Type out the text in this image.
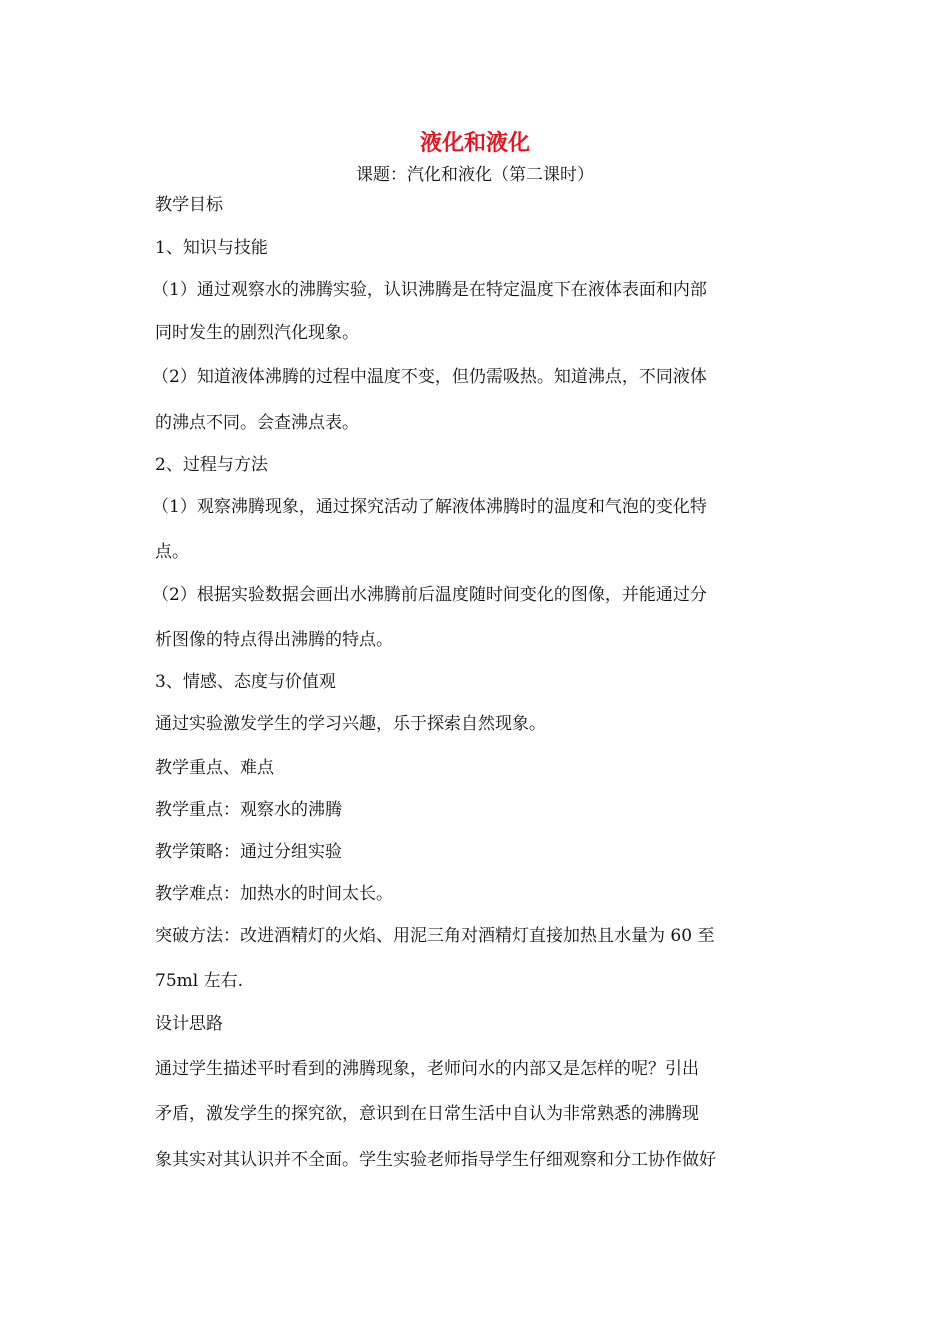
液化和液化
课题：汽化和液化（第二课时）
教学目标
1、知识与技能
（1）通过观察水的沸腾实验，认识沸腾是在特定温度下在液体表面和内部
同时发生的剧烈汽化现象。
（2）知道液体沸腾的过程中温度不变，但仍需吸热。知道沸点，不同液体
的沸点不同。会查沸点表。
2、过程与方法
（1）观察沸腾现象，通过探究活动了解液体沸腾时的温度和气泡的变化特
点。
（2）根据实验数据会画出水沸腾前后温度随时间变化的图像，并能通过分
析图像的特点得出沸腾的特点。
3、情感、态度与价值观
通过实验激发学生的学习兴趣，乐于探索自然现象。
教学重点、难点
教学重点：观察水的沸腾
教学策略：通过分组实验
教学难点：加热水的时间太长。
突破方法：改进酒精灯的火焰、用泥三角对酒精灯直接加热且水量为 60 至
75ml 左右.
设计思路
通过学生描述平时看到的沸腾现象，老师问水的内部又是怎样的呢？引出
矛盾，激发学生的探究欲，意识到在日常生活中自认为非常熟悉的沸腾现
象其实对其认识并不全面。学生实验老师指导学生仔细观察和分工协作做好
